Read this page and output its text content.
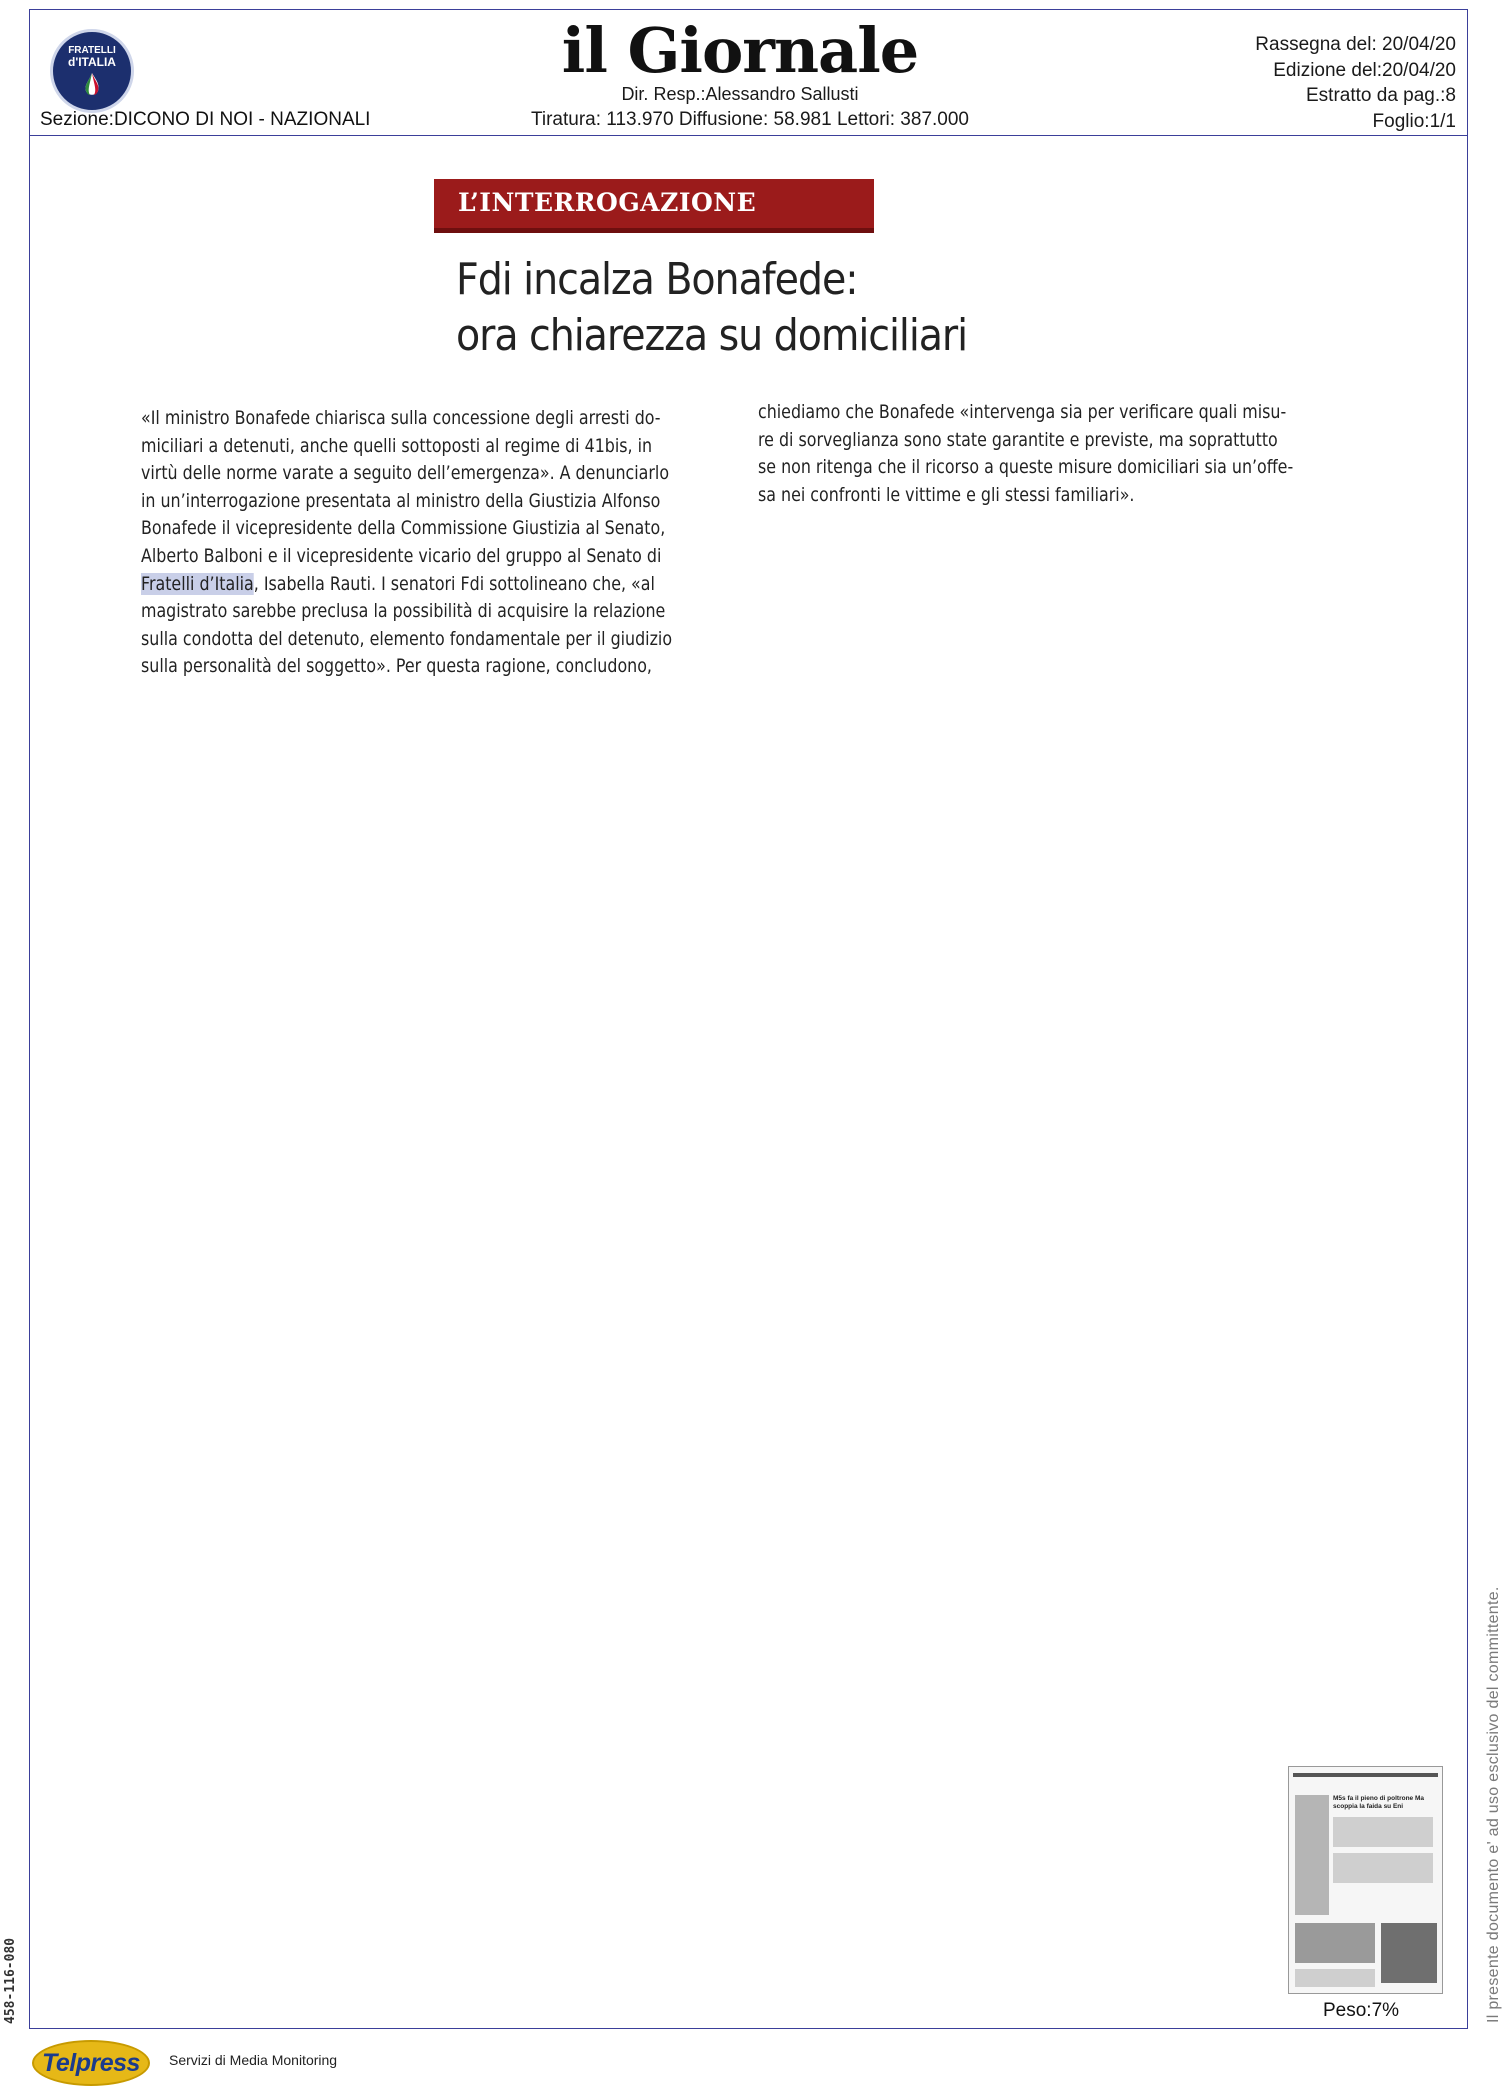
FRATELLI
d'ITALIA
Sezione:DICONO DI NOI - NAZIONALI
il Giornale
Dir. Resp.:Alessandro Sallusti
Tiratura: 113.970 Diffusione: 58.981 Lettori: 387.000
Rassegna del: 20/04/20
Edizione del:20/04/20
Estratto da pag.:8
Foglio:1/1
L’INTERROGAZIONE
Fdi incalza Bonafede:
ora chiarezza su domiciliari
«Il ministro Bonafede chiarisca sulla concessione degli arresti do-
miciliari a detenuti, anche quelli sottoposti al regime di 41bis, in
virtù delle norme varate a seguito dell’emergenza». A denunciarlo
in un’interrogazione presentata al ministro della Giustizia Alfonso
Bonafede il vicepresidente della Commissione Giustizia al Senato,
Alberto Balboni e il vicepresidente vicario del gruppo al Senato di
Fratelli d’Italia, Isabella Rauti. I senatori Fdi sottolineano che, «al
magistrato sarebbe preclusa la possibilità di acquisire la relazione
sulla condotta del detenuto, elemento fondamentale per il giudizio
sulla personalità del soggetto». Per questa ragione, concludono,
chiediamo che Bonafede «intervenga sia per verificare quali misu-
re di sorveglianza sono state garantite e previste, ma soprattutto
se non ritenga che il ricorso a queste misure domiciliari sia un’offe-
sa nei confronti le vittime e gli stessi familiari».
Il presente documento e' ad uso esclusivo del committente.
458-116-080
M5s fa il pieno di poltrone Ma scoppia la faida su Eni
Peso:7%
Telpress Servizi di Media Monitoring
